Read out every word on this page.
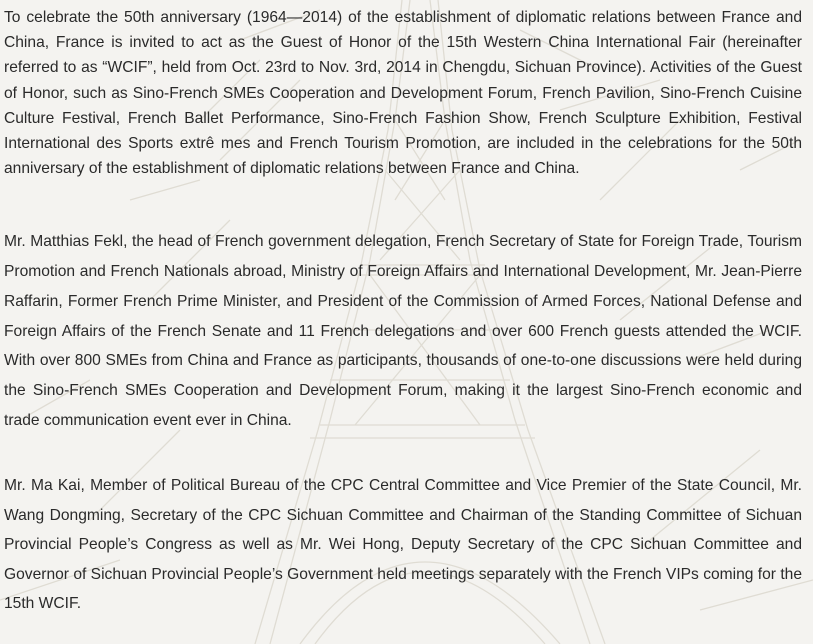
To celebrate the 50th anniversary (1964—2014) of the establishment of diplomatic relations between France and China, France is invited to act as the Guest of Honor of the 15th Western China International Fair (hereinafter referred to as “WCIF”, held from Oct. 23rd to Nov. 3rd, 2014 in Chengdu, Sichuan Province). Activities of the Guest of Honor, such as Sino-French SMEs Cooperation and Development Forum, French Pavilion, Sino-French Cuisine Culture Festival, French Ballet Performance, Sino-French Fashion Show, French Sculpture Exhibition, Festival International des Sports extrê mes and French Tourism Promotion, are included in the celebrations for the 50th anniversary of the establishment of diplomatic relations between France and China.

Mr. Matthias Fekl, the head of French government delegation, French Secretary of State for Foreign Trade, Tourism Promotion and French Nationals abroad, Ministry of Foreign Affairs and International Development, Mr. Jean-Pierre Raffarin, Former French Prime Minister, and President of the Commission of Armed Forces, National Defense and Foreign Affairs of the French Senate and 11 French delegations and over 600 French guests attended the WCIF. With over 800 SMEs from China and France as participants, thousands of one-to-one discussions were held during the Sino-French SMEs Cooperation and Development Forum, making it the largest Sino-French economic and trade communication event ever in China.

Mr. Ma Kai, Member of Political Bureau of the CPC Central Committee and Vice Premier of the State Council, Mr. Wang Dongming, Secretary of the CPC Sichuan Committee and Chairman of the Standing Committee of Sichuan Provincial People’s Congress as well as Mr. Wei Hong, Deputy Secretary of the CPC Sichuan Committee and Governor of Sichuan Provincial People’s Government held meetings separately with the French VIPs coming for the 15th WCIF.
